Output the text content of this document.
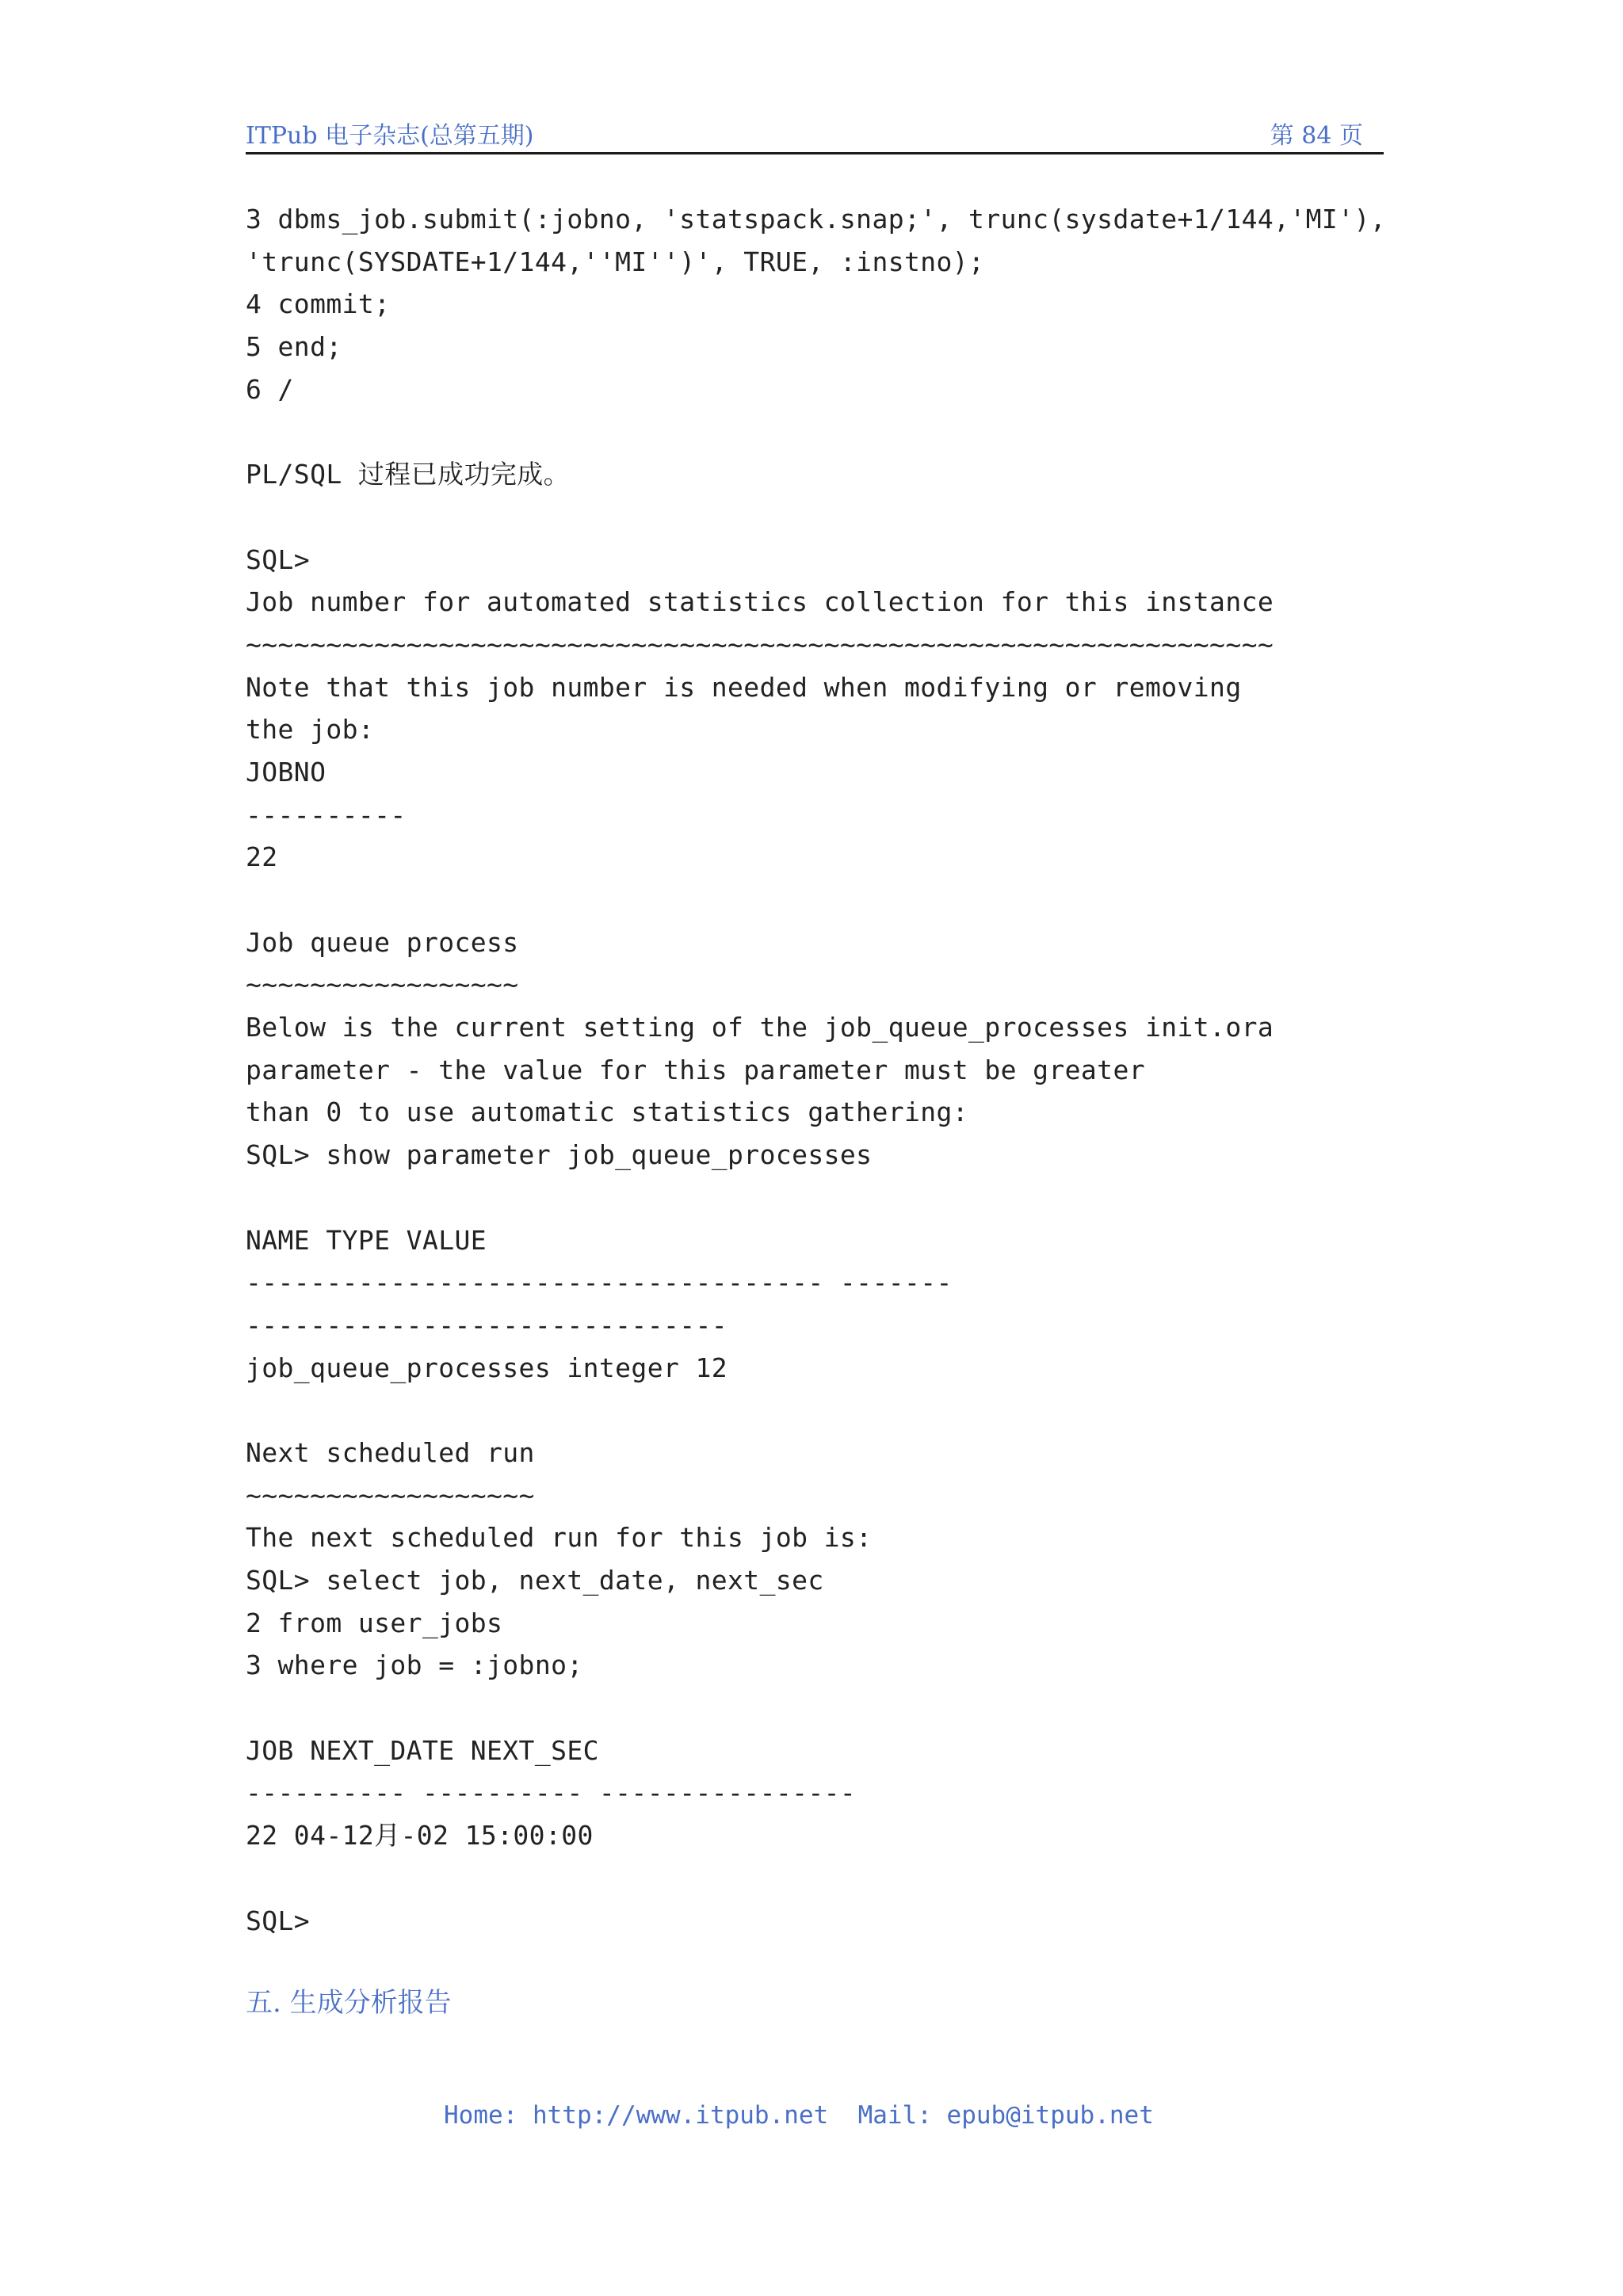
ITPub 电子杂志(总第五期)	第 84 页
3 dbms_job.submit(:jobno, 'statspack.snap;', trunc(sysdate+1/144,'MI'),
'trunc(SYSDATE+1/144,''MI'')', TRUE, :instno);
4 commit;
5 end;
6 /
PL/SQL 过程已成功完成。
SQL>
Job number for automated statistics collection for this instance
~~~~~~~~~~~~~~~~~~~~~~~~~~~~~~~~~~~~~~~~~~~~~~~~~~~~~~~~~~~~~~~~
Note that this job number is needed when modifying or removing
the job:
JOBNO
----------
22
Job queue process
~~~~~~~~~~~~~~~~~
Below is the current setting of the job_queue_processes init.ora
parameter - the value for this parameter must be greater
than 0 to use automatic statistics gathering:
SQL> show parameter job_queue_processes
NAME TYPE VALUE
------------------------------------ -------
------------------------------
job_queue_processes integer 12
Next scheduled run
~~~~~~~~~~~~~~~~~~
The next scheduled run for this job is:
SQL> select job, next_date, next_sec
2 from user_jobs
3 where job = :jobno;
JOB NEXT_DATE NEXT_SEC
---------- ---------- ----------------
22 04-12月-02 15:00:00
SQL>
五. 生成分析报告
Home: http://www.itpub.net  Mail: epub@itpub.net
